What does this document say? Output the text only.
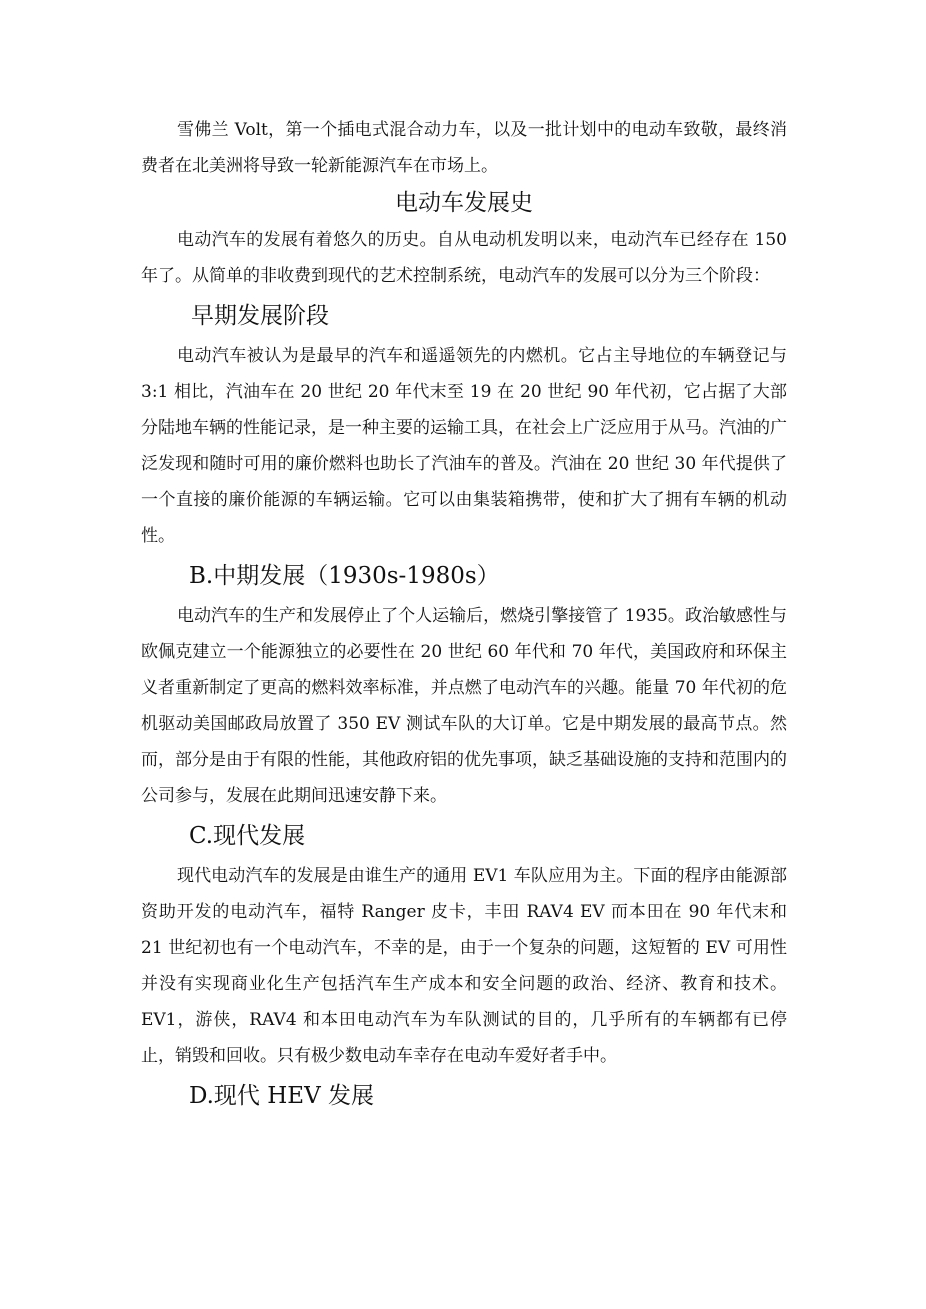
雪佛兰 Volt，第一个插电式混合动力车，以及一批计划中的电动车致敬，最终消费者在北美洲将导致一轮新能源汽车在市场上。

电动车发展史

电动汽车的发展有着悠久的历史。自从电动机发明以来，电动汽车已经存在 150 年了。从简单的非收费到现代的艺术控制系统，电动汽车的发展可以分为三个阶段：

早期发展阶段

电动汽车被认为是最早的汽车和遥遥领先的内燃机。它占主导地位的车辆登记与 3:1 相比，汽油车在 20 世纪 20 年代末至 19 在 20 世纪 90 年代初，它占据了大部分陆地车辆的性能记录，是一种主要的运输工具，在社会上广泛应用于从马。汽油的广泛发现和随时可用的廉价燃料也助长了汽油车的普及。汽油在 20 世纪 30 年代提供了一个直接的廉价能源的车辆运输。它可以由集装箱携带，使和扩大了拥有车辆的机动性。

B.中期发展（1930s-1980s）

电动汽车的生产和发展停止了个人运输后，燃烧引擎接管了 1935。政治敏感性与欧佩克建立一个能源独立的必要性在 20 世纪 60 年代和 70 年代，美国政府和环保主义者重新制定了更高的燃料效率标准，并点燃了电动汽车的兴趣。能量 70 年代初的危机驱动美国邮政局放置了 350 EV 测试车队的大订单。它是中期发展的最高节点。然而，部分是由于有限的性能，其他政府铝的优先事项，缺乏基础设施的支持和范围内的公司参与，发展在此期间迅速安静下来。

C.现代发展

现代电动汽车的发展是由谁生产的通用 EV1 车队应用为主。下面的程序由能源部资助开发的电动汽车，福特 Ranger 皮卡，丰田 RAV4 EV 而本田在 90 年代末和 21 世纪初也有一个电动汽车，不幸的是，由于一个复杂的问题，这短暂的 EV 可用性并没有实现商业化生产包括汽车生产成本和安全问题的政治、经济、教育和技术。EV1，游侠，RAV4 和本田电动汽车为车队测试的目的，几乎所有的车辆都有已停止，销毁和回收。只有极少数电动车幸存在电动车爱好者手中。

D.现代 HEV 发展
